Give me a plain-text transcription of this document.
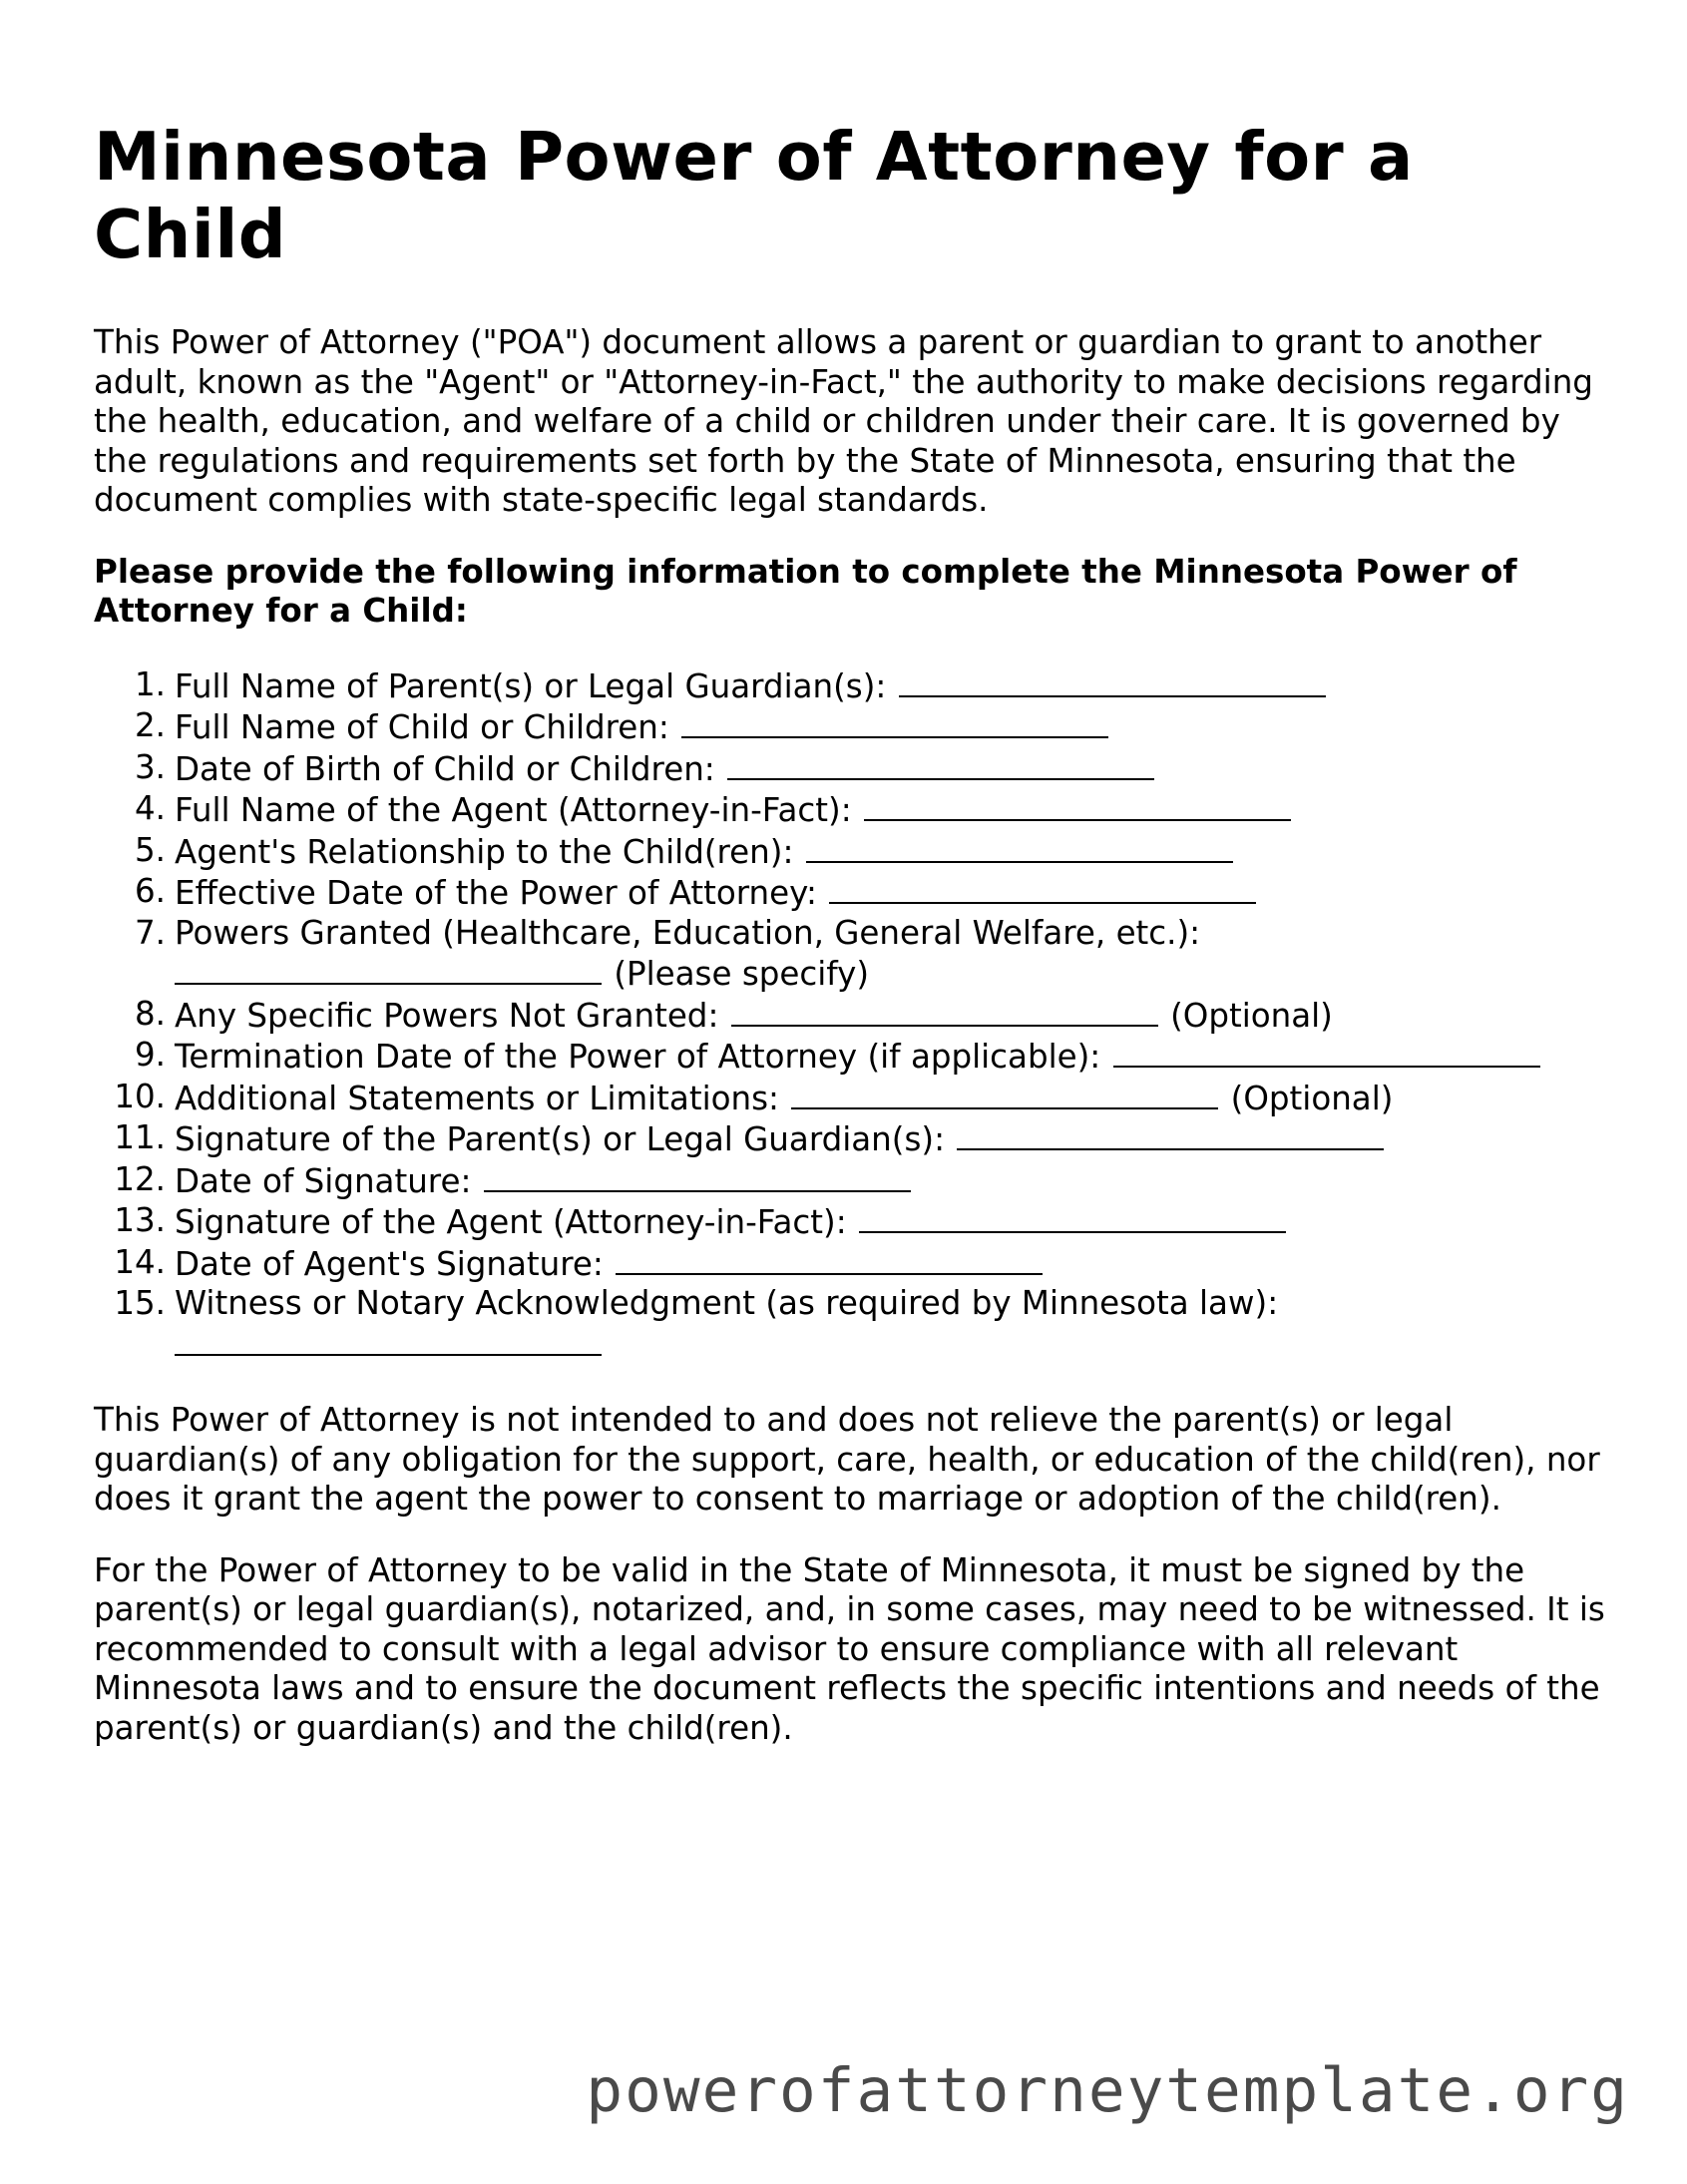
Minnesota Power of Attorney for a Child

This Power of Attorney ("POA") document allows a parent or guardian to grant to another adult, known as the "Agent" or "Attorney-in-Fact," the authority to make decisions regarding the health, education, and welfare of a child or children under their care. It is governed by the regulations and requirements set forth by the State of Minnesota, ensuring that the document complies with state-specific legal standards.

Please provide the following information to complete the Minnesota Power of Attorney for a Child:

1. Full Name of Parent(s) or Legal Guardian(s):
2. Full Name of Child or Children:
3. Date of Birth of Child or Children:
4. Full Name of the Agent (Attorney-in-Fact):
5. Agent's Relationship to the Child(ren):
6. Effective Date of the Power of Attorney:
7. Powers Granted (Healthcare, Education, General Welfare, etc.):
(Please specify)
8. Any Specific Powers Not Granted:	(Optional)
9. Termination Date of the Power of Attorney (if applicable):
10. Additional Statements or Limitations:	(Optional)
11. Signature of the Parent(s) or Legal Guardian(s):
12. Date of Signature:
13. Signature of the Agent (Attorney-in-Fact):
14. Date of Agent's Signature:
15. Witness or Notary Acknowledgment (as required by Minnesota law):

This Power of Attorney is not intended to and does not relieve the parent(s) or legal guardian(s) of any obligation for the support, care, health, or education of the child(ren), nor does it grant the agent the power to consent to marriage or adoption of the child(ren).

For the Power of Attorney to be valid in the State of Minnesota, it must be signed by the parent(s) or legal guardian(s), notarized, and, in some cases, may need to be witnessed. It is recommended to consult with a legal advisor to ensure compliance with all relevant Minnesota laws and to ensure the document reflects the specific intentions and needs of the parent(s) or guardian(s) and the child(ren).

powerofattorneytemplate.org
